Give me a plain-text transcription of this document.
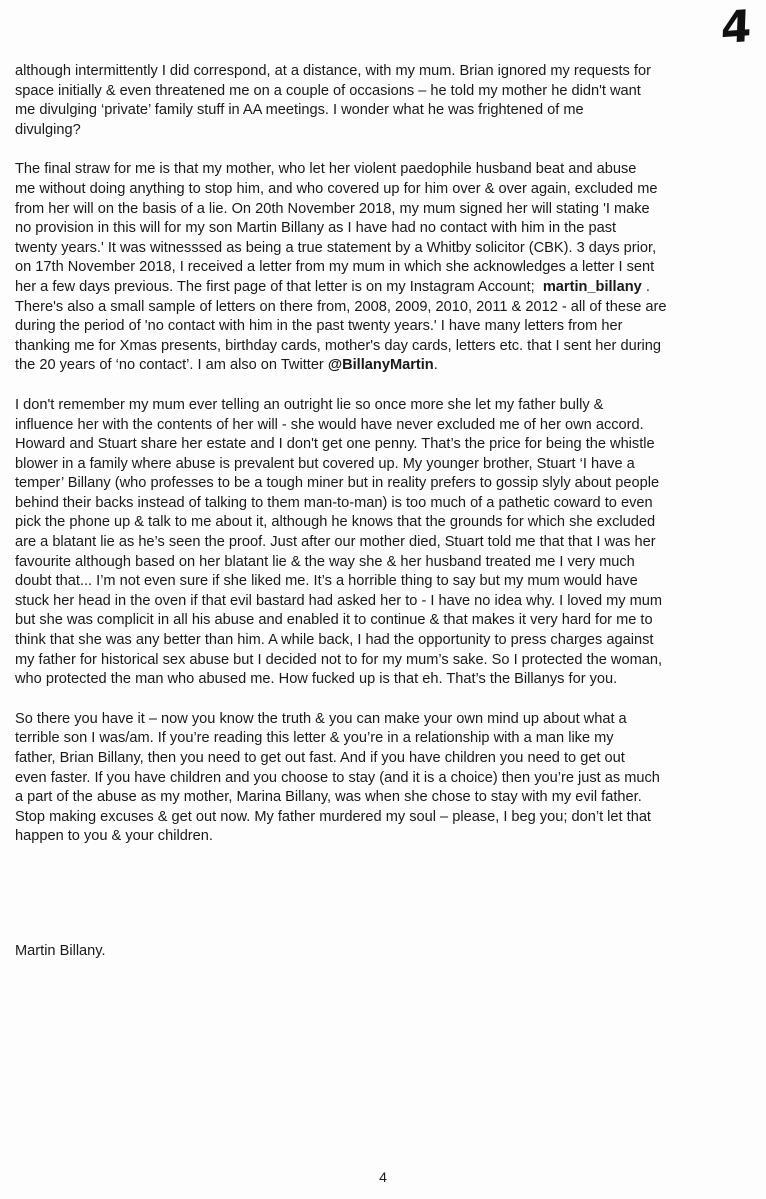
4

although intermittently I did correspond, at a distance, with my mum. Brian ignored my requests for
space initially & even threatened me on a couple of occasions – he told my mother he didn't want
me divulging ‘private’ family stuff in AA meetings. I wonder what he was frightened of me
divulging?

The final straw for me is that my mother, who let her violent paedophile husband beat and abuse
me without doing anything to stop him, and who covered up for him over & over again, excluded me
from her will on the basis of a lie. On 20th November 2018, my mum signed her will stating 'I make
no provision in this will for my son Martin Billany as I have had no contact with him in the past
twenty years.' It was witnesssed as being a true statement by a Whitby solicitor (CBK). 3 days prior,
on 17th November 2018, I received a letter from my mum in which she acknowledges a letter I sent
her a few days previous. The first page of that letter is on my Instagram Account; martin_billany .
There's also a small sample of letters on there from, 2008, 2009, 2010, 2011 & 2012 - all of these are
during the period of 'no contact with him in the past twenty years.' I have many letters from her
thanking me for Xmas presents, birthday cards, mother's day cards, letters etc. that I sent her during
the 20 years of ‘no contact’. I am also on Twitter @BillanyMartin.

I don't remember my mum ever telling an outright lie so once more she let my father bully &
influence her with the contents of her will - she would have never excluded me of her own accord.
Howard and Stuart share her estate and I don't get one penny. That’s the price for being the whistle
blower in a family where abuse is prevalent but covered up. My younger brother, Stuart ‘I have a
temper’ Billany (who professes to be a tough miner but in reality prefers to gossip slyly about people
behind their backs instead of talking to them man-to-man) is too much of a pathetic coward to even
pick the phone up & talk to me about it, although he knows that the grounds for which she excluded
are a blatant lie as he’s seen the proof. Just after our mother died, Stuart told me that that I was her
favourite although based on her blatant lie & the way she & her husband treated me I very much
doubt that... I’m not even sure if she liked me. It’s a horrible thing to say but my mum would have
stuck her head in the oven if that evil bastard had asked her to - I have no idea why. I loved my mum
but she was complicit in all his abuse and enabled it to continue & that makes it very hard for me to
think that she was any better than him. A while back, I had the opportunity to press charges against
my father for historical sex abuse but I decided not to for my mum’s sake. So I protected the woman,
who protected the man who abused me. How fucked up is that eh. That’s the Billanys for you.

So there you have it – now you know the truth & you can make your own mind up about what a
terrible son I was/am. If you’re reading this letter & you’re in a relationship with a man like my
father, Brian Billany, then you need to get out fast. And if you have children you need to get out
even faster. If you have children and you choose to stay (and it is a choice) then you’re just as much
a part of the abuse as my mother, Marina Billany, was when she chose to stay with my evil father.
Stop making excuses & get out now. My father murdered my soul – please, I beg you; don’t let that
happen to you & your children.

Martin Billany.
4
